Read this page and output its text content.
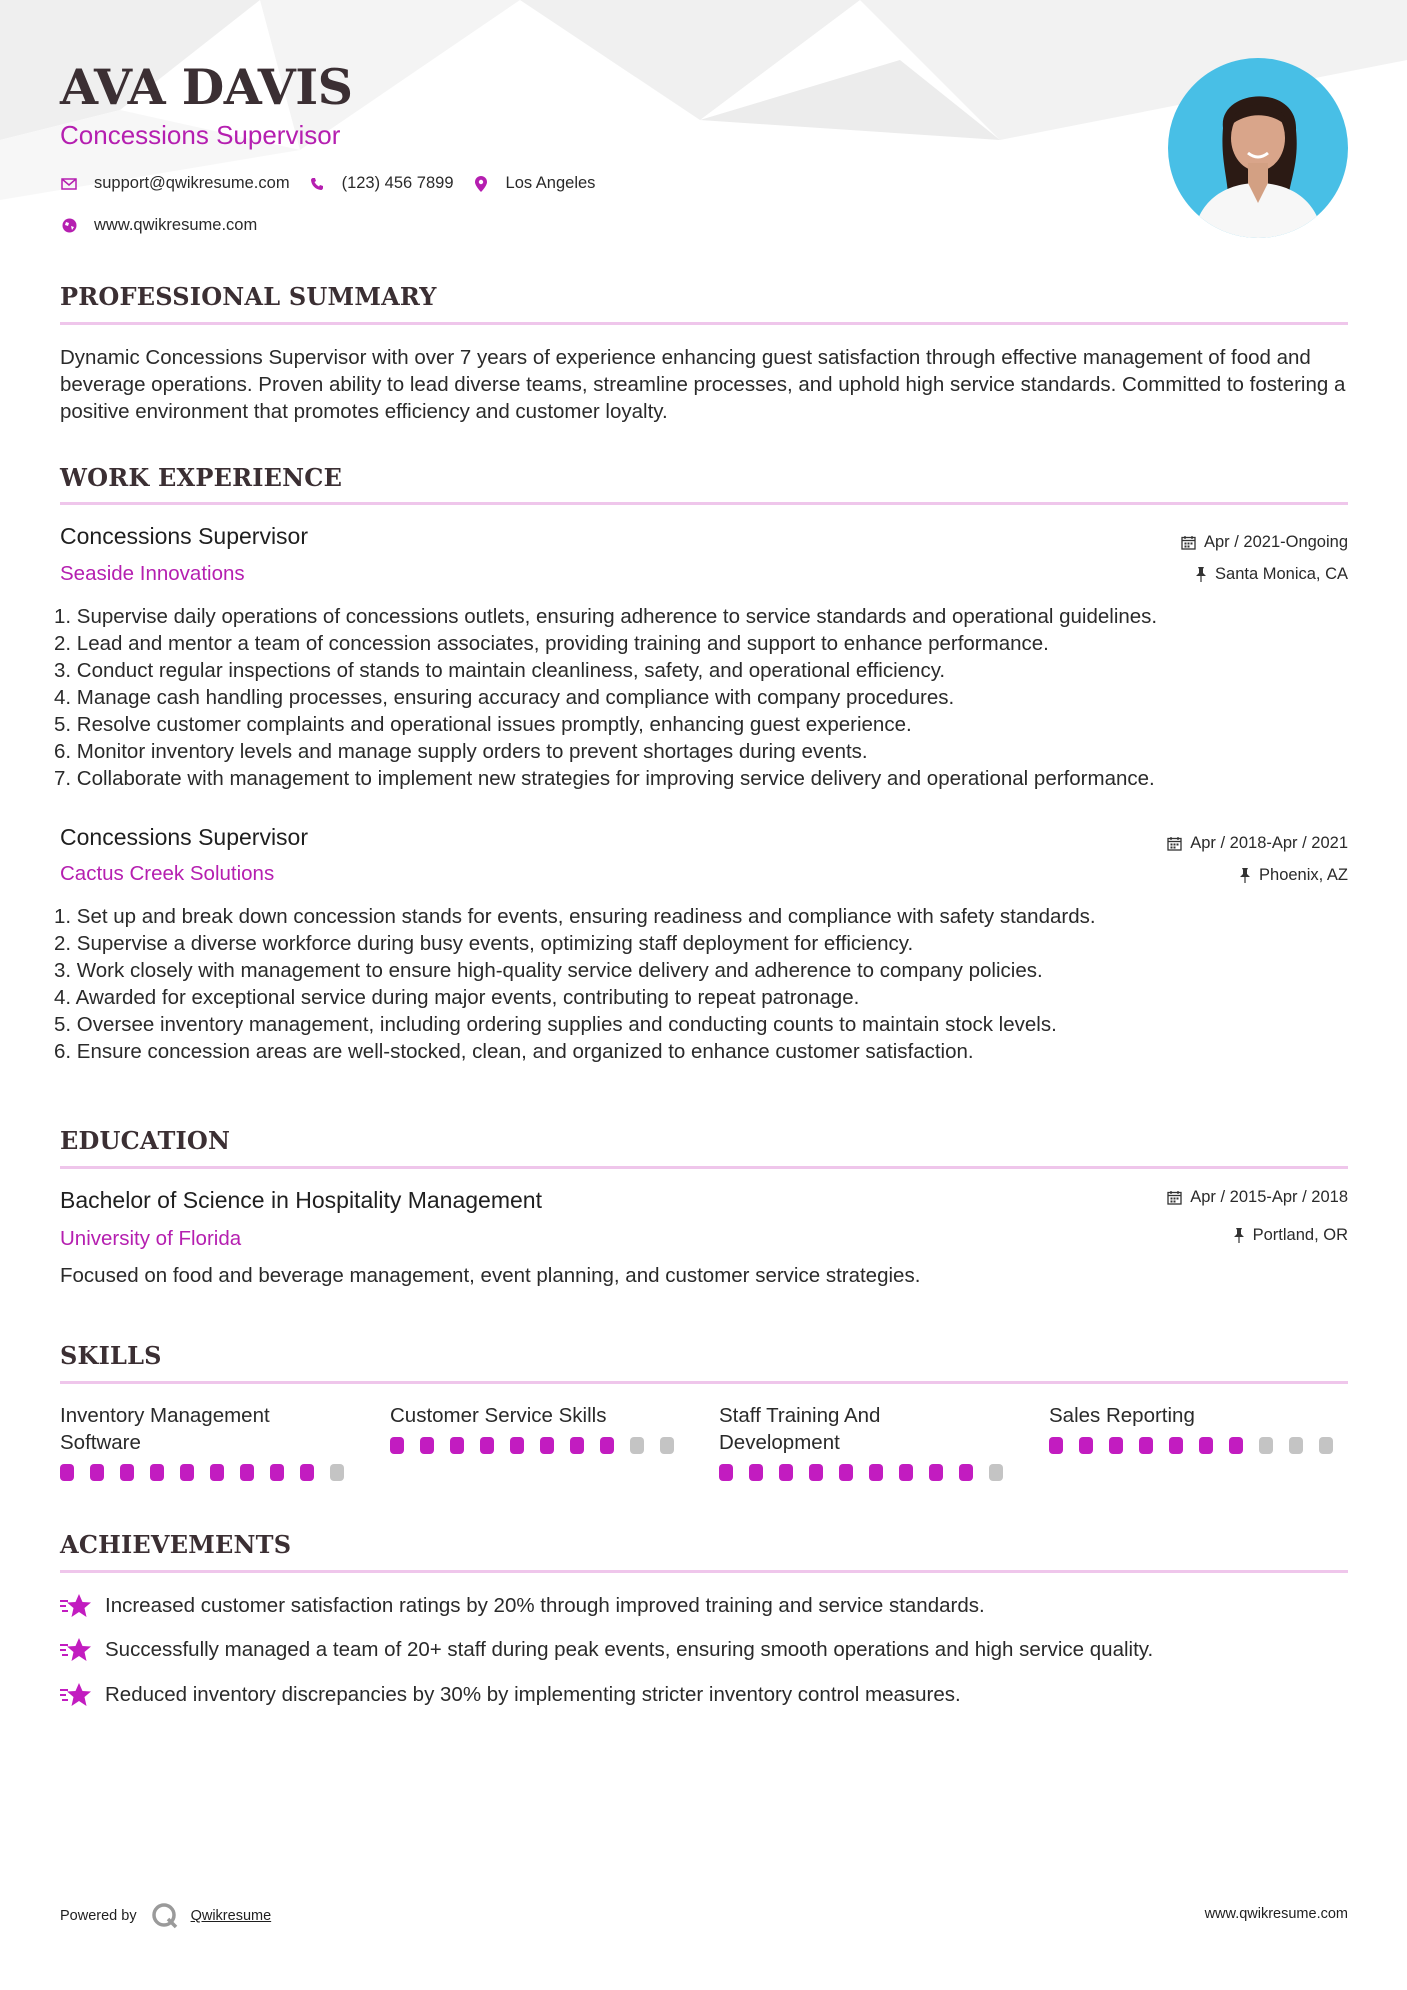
AVA DAVIS
Concessions Supervisor
support@qwikresume.com	(123) 456 7899	Los Angeles
www.qwikresume.com
PROFESSIONAL SUMMARY
Dynamic Concessions Supervisor with over 7 years of experience enhancing guest satisfaction through effective management of food and beverage operations. Proven ability to lead diverse teams, streamline processes, and uphold high service standards. Committed to fostering a positive environment that promotes efficiency and customer loyalty.
WORK EXPERIENCE
Concessions Supervisor
Seaside Innovations
Apr / 2021-Ongoing
Santa Monica, CA
1. Supervise daily operations of concessions outlets, ensuring adherence to service standards and operational guidelines.
2. Lead and mentor a team of concession associates, providing training and support to enhance performance.
3. Conduct regular inspections of stands to maintain cleanliness, safety, and operational efficiency.
4. Manage cash handling processes, ensuring accuracy and compliance with company procedures.
5. Resolve customer complaints and operational issues promptly, enhancing guest experience.
6. Monitor inventory levels and manage supply orders to prevent shortages during events.
7. Collaborate with management to implement new strategies for improving service delivery and operational performance.
Concessions Supervisor
Cactus Creek Solutions
Apr / 2018-Apr / 2021
Phoenix, AZ
1. Set up and break down concession stands for events, ensuring readiness and compliance with safety standards.
2. Supervise a diverse workforce during busy events, optimizing staff deployment for efficiency.
3. Work closely with management to ensure high-quality service delivery and adherence to company policies.
4. Awarded for exceptional service during major events, contributing to repeat patronage.
5. Oversee inventory management, including ordering supplies and conducting counts to maintain stock levels.
6. Ensure concession areas are well-stocked, clean, and organized to enhance customer satisfaction.
EDUCATION
Bachelor of Science in Hospitality Management
University of Florida
Apr / 2015-Apr / 2018
Portland, OR
Focused on food and beverage management, event planning, and customer service strategies.
SKILLS
Inventory Management Software
Customer Service Skills	Staff Training And Development
Sales Reporting
ACHIEVEMENTS
Increased customer satisfaction ratings by 20% through improved training and service standards.
Successfully managed a team of 20+ staff during peak events, ensuring smooth operations and high service quality.
Reduced inventory discrepancies by 30% by implementing stricter inventory control measures.
Powered by	Qwikresume	www.qwikresume.com
